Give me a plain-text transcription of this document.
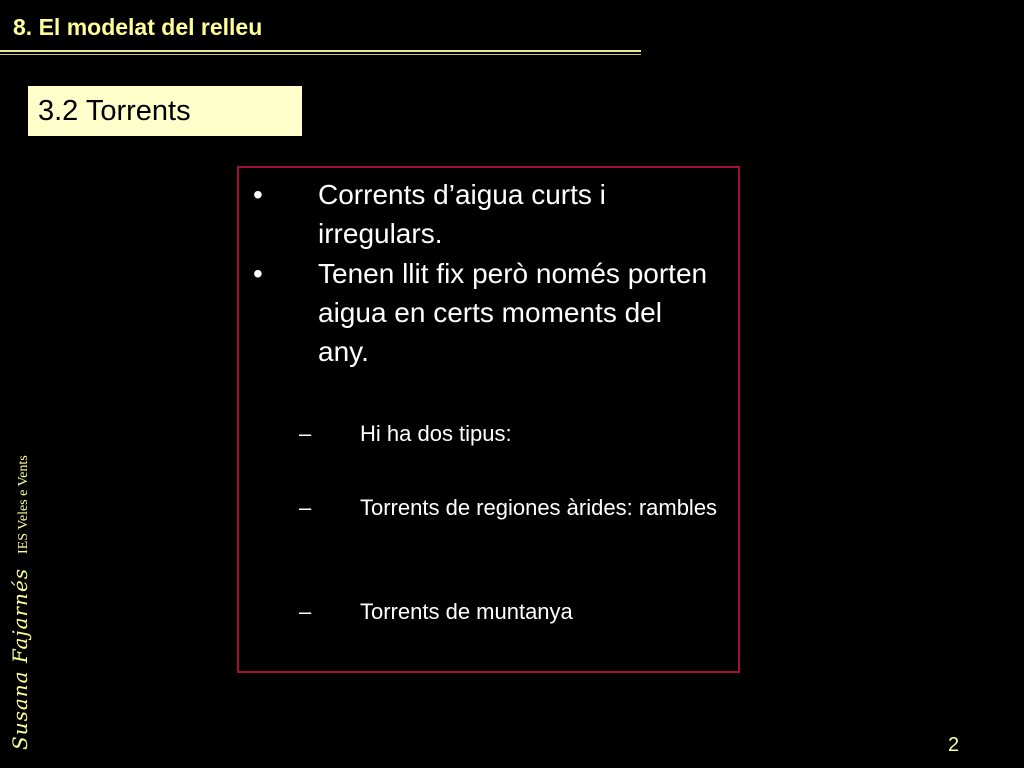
8. El modelat del relleu
3.2 Torrents
• Corrents d’aigua curts i irregulars.
• Tenen llit fix però només porten aigua en certs moments del any.
– Hi ha dos tipus:
– Torrents de regiones àrides: rambles
– Torrents de muntanya
Susana FajarnésIES Veles e Vents
2
